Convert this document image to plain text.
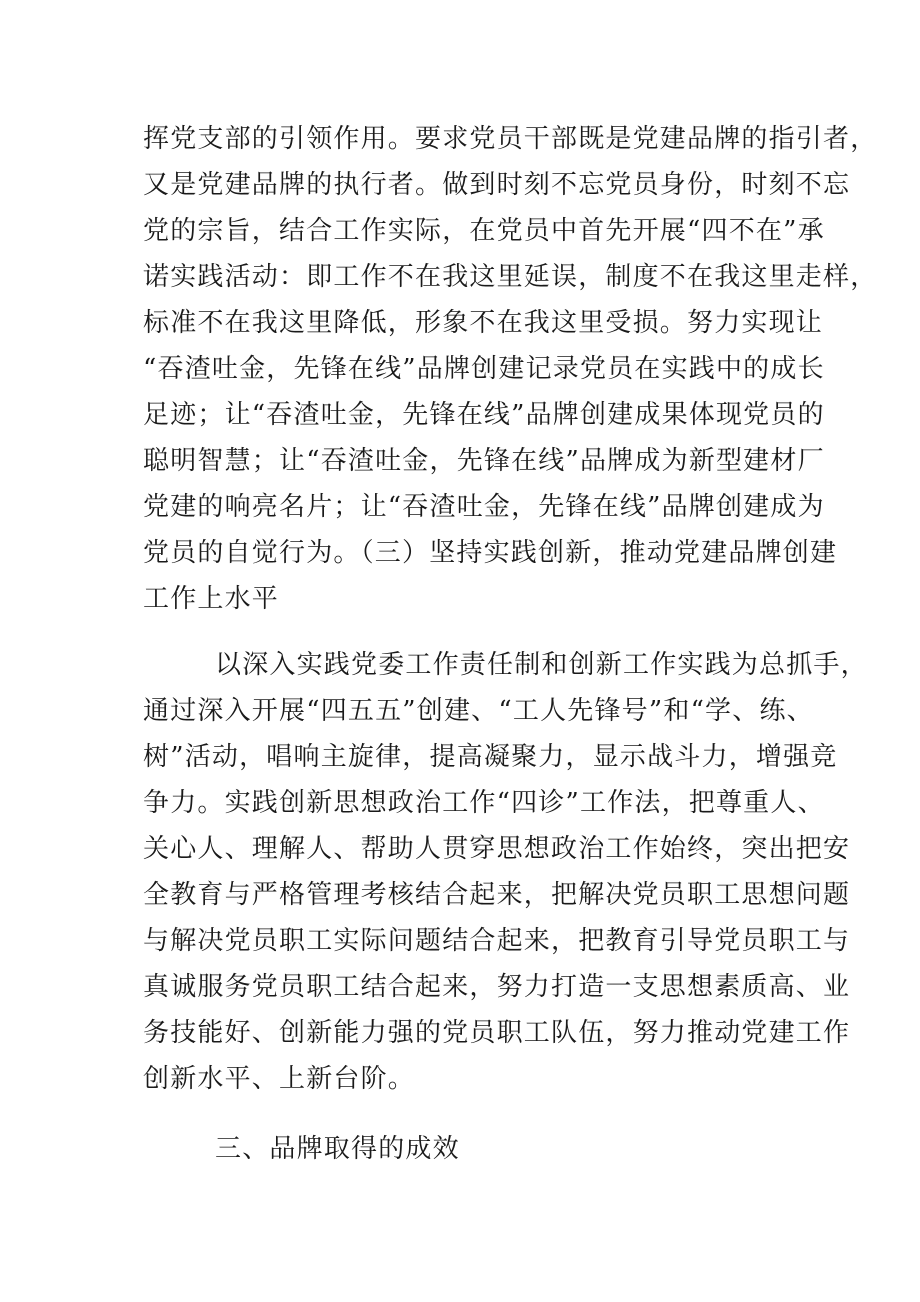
挥党支部的引领作用。要求党员干部既是党建品牌的指引者，
又是党建品牌的执行者。做到时刻不忘党员身份，时刻不忘
党的宗旨，结合工作实际，在党员中首先开展“四不在”承
诺实践活动：即工作不在我这里延误，制度不在我这里走样，
标准不在我这里降低，形象不在我这里受损。努力实现让
“吞渣吐金，先锋在线”品牌创建记录党员在实践中的成长
足迹；让“吞渣吐金，先锋在线”品牌创建成果体现党员的
聪明智慧；让“吞渣吐金，先锋在线”品牌成为新型建材厂
党建的响亮名片；让“吞渣吐金，先锋在线”品牌创建成为
党员的自觉行为。（三）坚持实践创新，推动党建品牌创建
工作上水平
以深入实践党委工作责任制和创新工作实践为总抓手，
通过深入开展“四五五”创建、“工人先锋号”和“学、练、
树”活动，唱响主旋律，提高凝聚力，显示战斗力，增强竞
争力。实践创新思想政治工作“四诊”工作法，把尊重人、
关心人、理解人、帮助人贯穿思想政治工作始终，突出把安
全教育与严格管理考核结合起来，把解决党员职工思想问题
与解决党员职工实际问题结合起来，把教育引导党员职工与
真诚服务党员职工结合起来，努力打造一支思想素质高、业
务技能好、创新能力强的党员职工队伍，努力推动党建工作
创新水平、上新台阶。
三、品牌取得的成效
